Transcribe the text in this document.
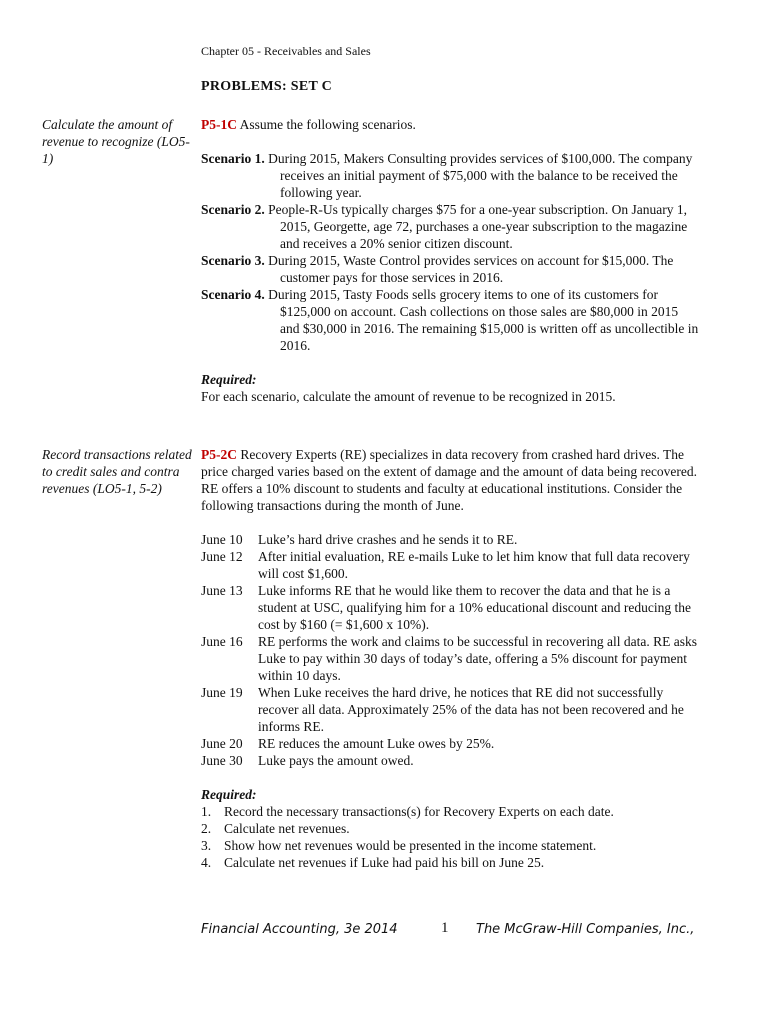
Chapter 05 - Receivables and Sales
PROBLEMS: SET C
Calculate the amount of revenue to recognize (LO5-1)

P5-1C Assume the following scenarios.

Scenario 1. During 2015, Makers Consulting provides services of $100,000. The company receives an initial payment of $75,000 with the balance to be received the following year.

Scenario 2. People-R-Us typically charges $75 for a one-year subscription. On January 1, 2015, Georgette, age 72, purchases a one-year subscription to the magazine and receives a 20% senior citizen discount.

Scenario 3. During 2015, Waste Control provides services on account for $15,000. The customer pays for those services in 2016.

Scenario 4. During 2015, Tasty Foods sells grocery items to one of its customers for $125,000 on account. Cash collections on those sales are $80,000 in 2015 and $30,000 in 2016. The remaining $15,000 is written off as uncollectible in 2016.

Required:

For each scenario, calculate the amount of revenue to be recognized in 2015.

Record transactions related to credit sales and contra revenues (LO5-1, 5-2)

P5-2C Recovery Experts (RE) specializes in data recovery from crashed hard drives. The price charged varies based on the extent of damage and the amount of data being recovered. RE offers a 10% discount to students and faculty at educational institutions. Consider the following transactions during the month of June.

June 10	Luke’s hard drive crashes and he sends it to RE.
June 12	After initial evaluation, RE e-mails Luke to let him know that full data recovery will cost $1,600.
June 13	Luke informs RE that he would like them to recover the data and that he is a student at USC, qualifying him for a 10% educational discount and reducing the cost by $160 (= $1,600 x 10%).
June 16	RE performs the work and claims to be successful in recovering all data. RE asks Luke to pay within 30 days of today’s date, offering a 5% discount for payment within 10 days.
June 19	When Luke receives the hard drive, he notices that RE did not successfully recover all data. Approximately 25% of the data has not been recovered and he informs RE.
June 20	RE reduces the amount Luke owes by 25%.
June 30	Luke pays the amount owed.

Required:

1. Record the necessary transactions(s) for Recovery Experts on each date.
2. Calculate net revenues.
3. Show how net revenues would be presented in the income statement.
4. Calculate net revenues if Luke had paid his bill on June 25.
Financial Accounting, 3e 2014	1 The McGraw-Hill Companies, Inc.,
